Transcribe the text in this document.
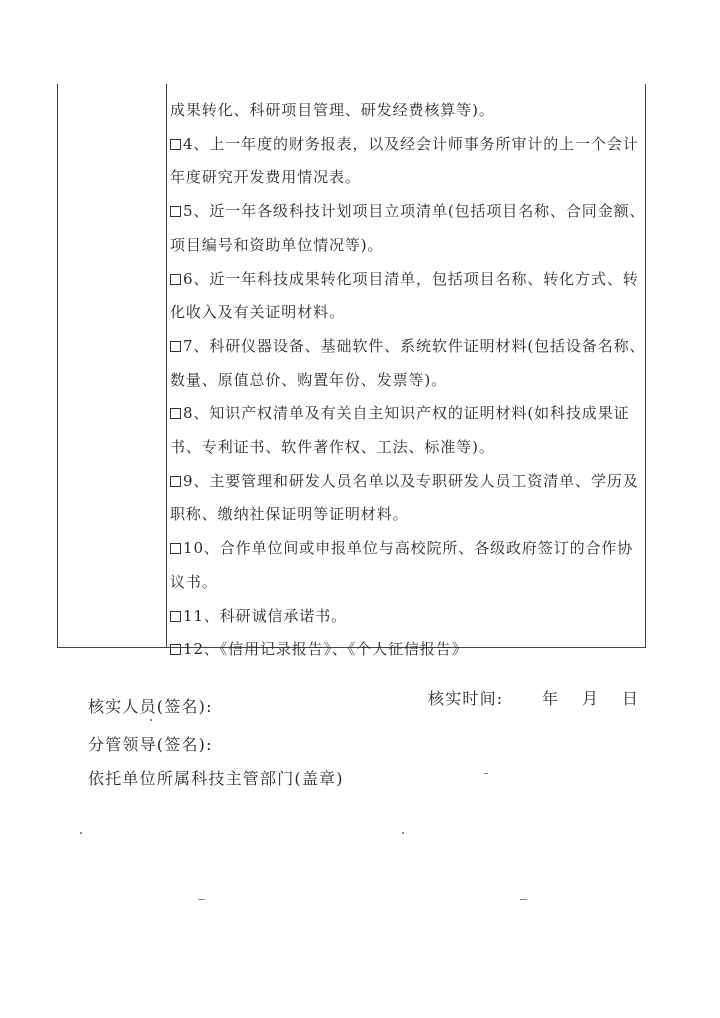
成果转化、科研项目管理、研发经费核算等)。
4、上一年度的财务报表，以及经会计师事务所审计的上一个会计
年度研究开发费用情况表。
5、近一年各级科技计划项目立项清单(包括项目名称、合同金额、
项目编号和资助单位情况等)。
6、近一年科技成果转化项目清单，包括项目名称、转化方式、转
化收入及有关证明材料。
7、科研仪器设备、基础软件、系统软件证明材料(包括设备名称、
数量、原值总价、购置年份、发票等)。
8、知识产权清单及有关自主知识产权的证明材料(如科技成果证
书、专利证书、软件著作权、工法、标准等)。
9、主要管理和研发人员名单以及专职研发人员工资清单、学历及
职称、缴纳社保证明等证明材料。
10、合作单位间或申报单位与高校院所、各级政府签订的合作协
议书。
11、科研诚信承诺书。
12、《信用记录报告》、《个人征信报告》
核实人员(签名):	核实时间: 年 月 日
分管领导(签名):
依托单位所属科技主管部门(盖章)
